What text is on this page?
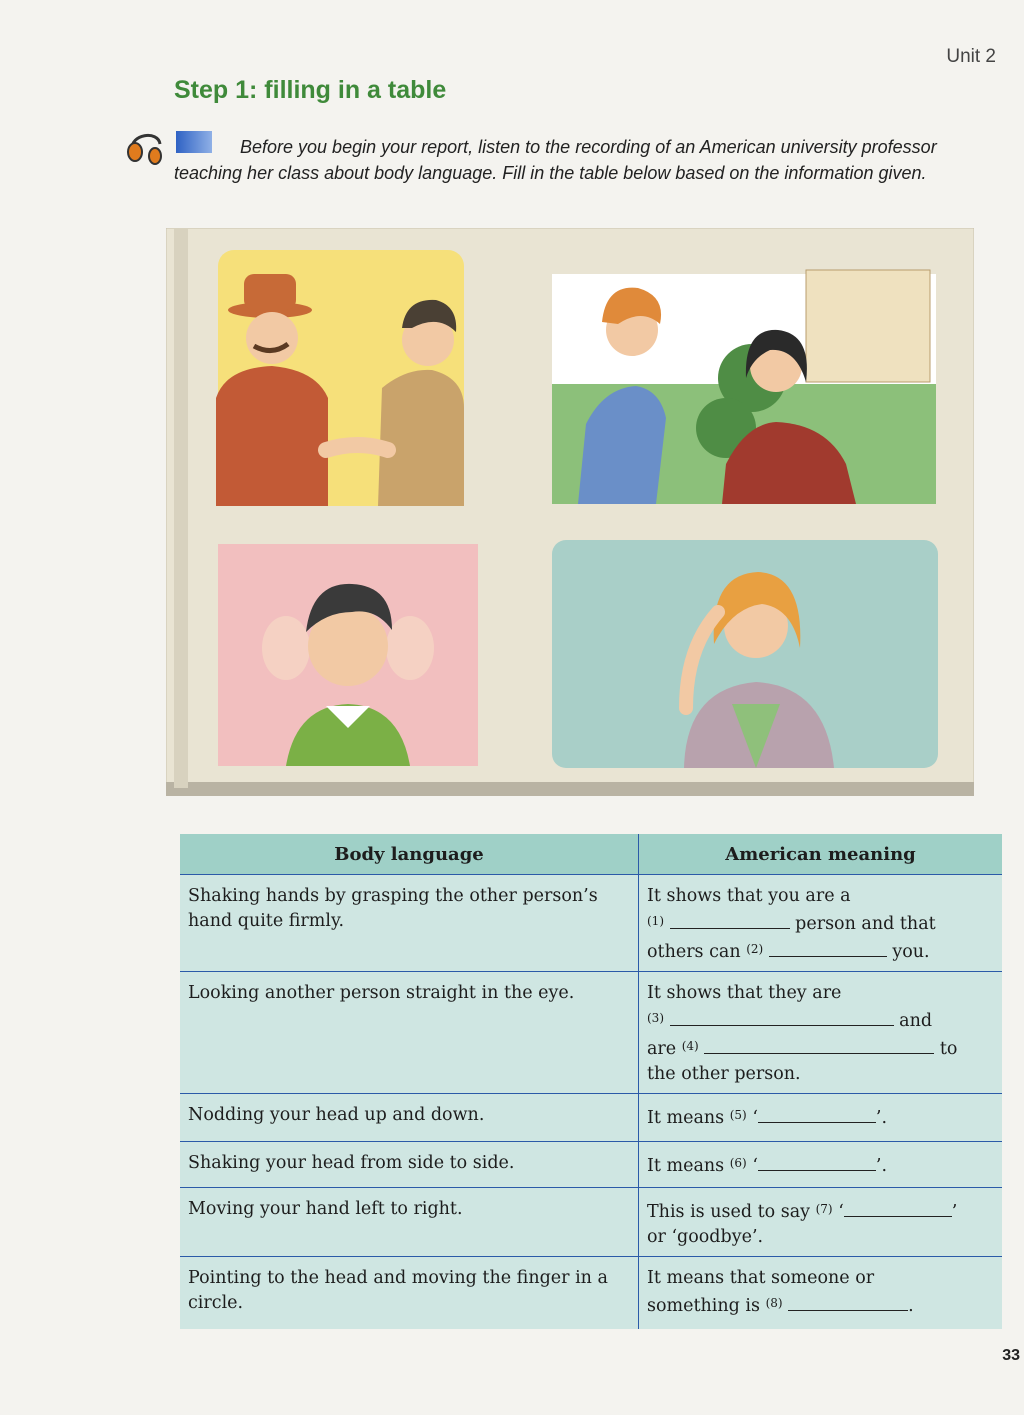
Unit 2
Step 1: filling in a table
Before you begin your report, listen to the recording of an American university professor teaching her class about body language. Fill in the table below based on the information given.
Body language	American meaning
Shaking hands by grasping the other person’s hand quite firmly.	It shows that you are a
$^{(1)}$ person and that
others can $^{(2)}$ you.
Looking another person straight in the eye.	It shows that they are
$^{(3)}$ and
are $^{(4)}$ to
the other person.
Nodding your head up and down.	It means $^{(5)}$ ‘ ’.
Shaking your head from side to side.	It means $^{(6)}$ ‘ ’.
Moving your hand left to right.	This is used to say $^{(7)}$ ‘ ’
or ‘goodbye’.
Pointing to the head and moving the finger in a circle.	It means that someone or
something is $^{(8)}$ .
33
